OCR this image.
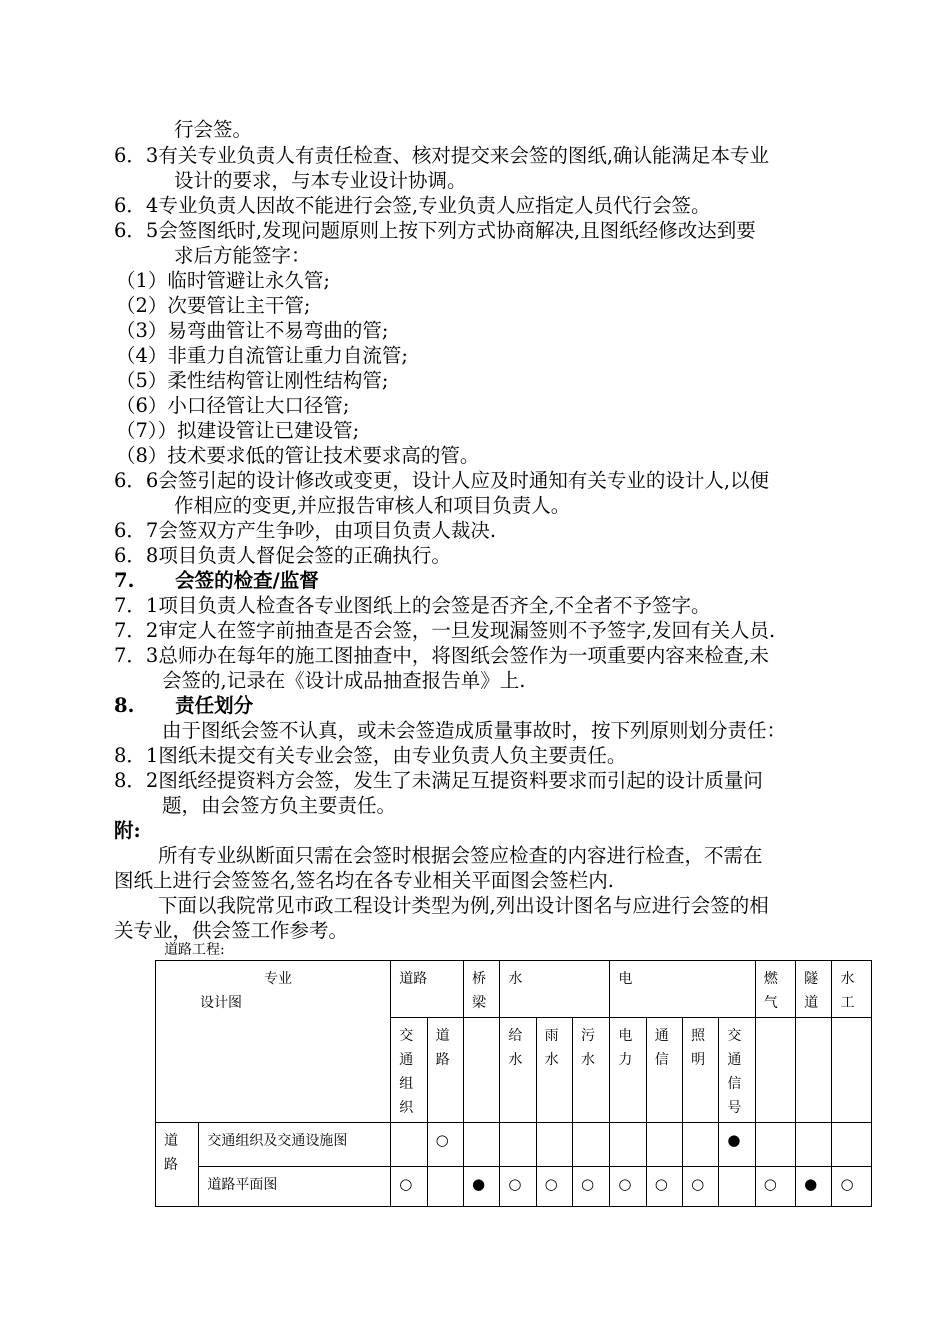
行会签。
6．3有关专业负责人有责任检查、核对提交来会签的图纸,确认能满足本专业
设计的要求，与本专业设计协调。
6．4专业负责人因故不能进行会签,专业负责人应指定人员代行会签。
6．5会签图纸时,发现问题原则上按下列方式协商解决,且图纸经修改达到要
求后方能签字：
（1）临时管避让永久管;
（2）次要管让主干管;
（3）易弯曲管让不易弯曲的管;
（4）非重力自流管让重力自流管;
（5）柔性结构管让刚性结构管;
（6）小口径管让大口径管;
（7））拟建设管让已建设管;
（8）技术要求低的管让技术要求高的管。
6．6会签引起的设计修改或变更，设计人应及时通知有关专业的设计人,以便
作相应的变更,并应报告审核人和项目负责人。
6．7会签双方产生争吵，由项目负责人裁决.
6．8项目负责人督促会签的正确执行。
7.      会签的检查/监督
7．1项目负责人检查各专业图纸上的会签是否齐全,不全者不予签字。
7．2审定人在签字前抽查是否会签，一旦发现漏签则不予签字,发回有关人员.
7．3总师办在每年的施工图抽查中，将图纸会签作为一项重要内容来检查,未
会签的,记录在《设计成品抽查报告单》上.
8.      责任划分
由于图纸会签不认真，或未会签造成质量事故时，按下列原则划分责任：
8．1图纸未提交有关专业会签，由专业负责人负主要责任。
8．2图纸经提资料方会签，发生了未满足互提资料要求而引起的设计质量问
题，由会签方负主要责任。
附:
所有专业纵断面只需在会签时根据会签应检查的内容进行检查，不需在
图纸上进行会签签名,签名均在各专业相关平面图会签栏内.
下面以我院常见市政工程设计类型为例,列出设计图名与应进行会签的相
关专业，供会签工作参考。
道路工程:
专业
设计图		道路		桥梁	水			电				燃气	隧道	水工

		交通组织	道路		给水	雨水	污水	电力	通信	照明	交通信号			

道路	交通组织及交通设施图		○								●			
	道路平面图	○		●	○	○	○	○	○	○		○	●	○
